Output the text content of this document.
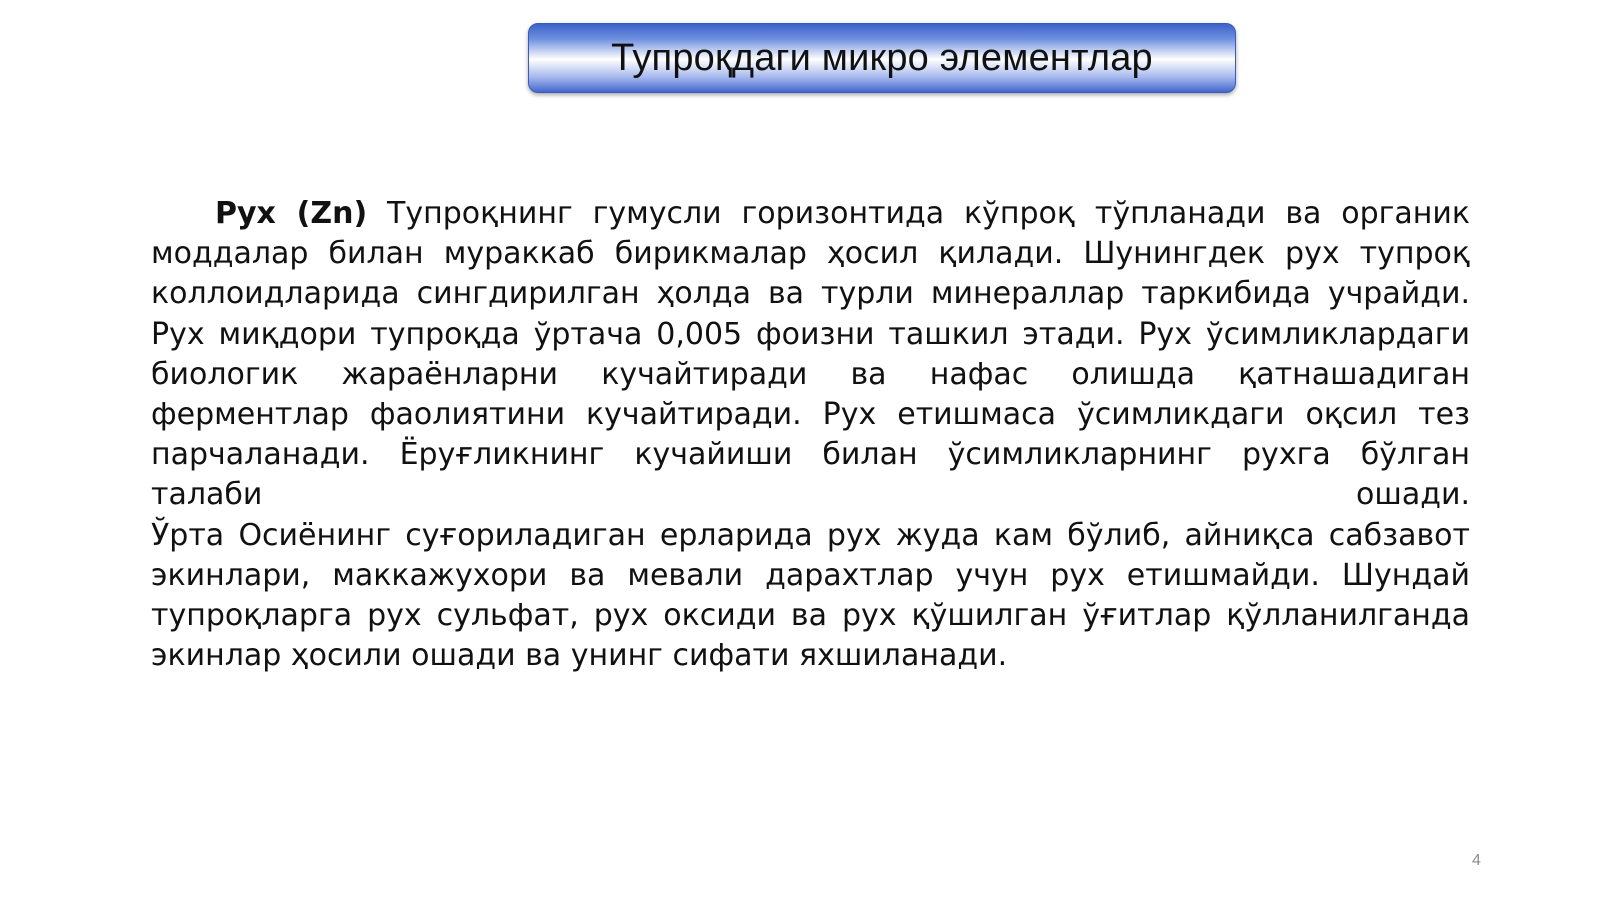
Тупроқдаги микро элементлар
Рух (Zn) Тупроқнинг гумусли горизонтида кўпроқ тўпланади ва органик
моддалар билан мураккаб бирикмалар ҳосил қилади. Шунингдек рух тупроқ
коллоидларида сингдирилган ҳолда ва турли минераллар таркибида учрайди.
Рух миқдори тупроқда ўртача 0,005 фоизни ташкил этади. Рух ўсимликлардаги
биологик жараёнларни кучайтиради ва нафас олишда қатнашадиган
ферментлар фаолиятини кучайтиради. Рух етишмаса ўсимликдаги оқсил тез
парчаланади. Ёруғликнинг кучайиши билан ўсимликларнинг рухга бўлган
талаби ошади.
Ўрта Осиёнинг суғориладиган ерларида рух жуда кам бўлиб, айниқса сабзавот
экинлари, маккажухори ва мевали дарахтлар учун рух етишмайди. Шундай
тупроқларга рух сульфат, рух оксиди ва рух қўшилган ўғитлар қўлланилганда
экинлар ҳосили ошади ва унинг сифати яхшиланади.
4
